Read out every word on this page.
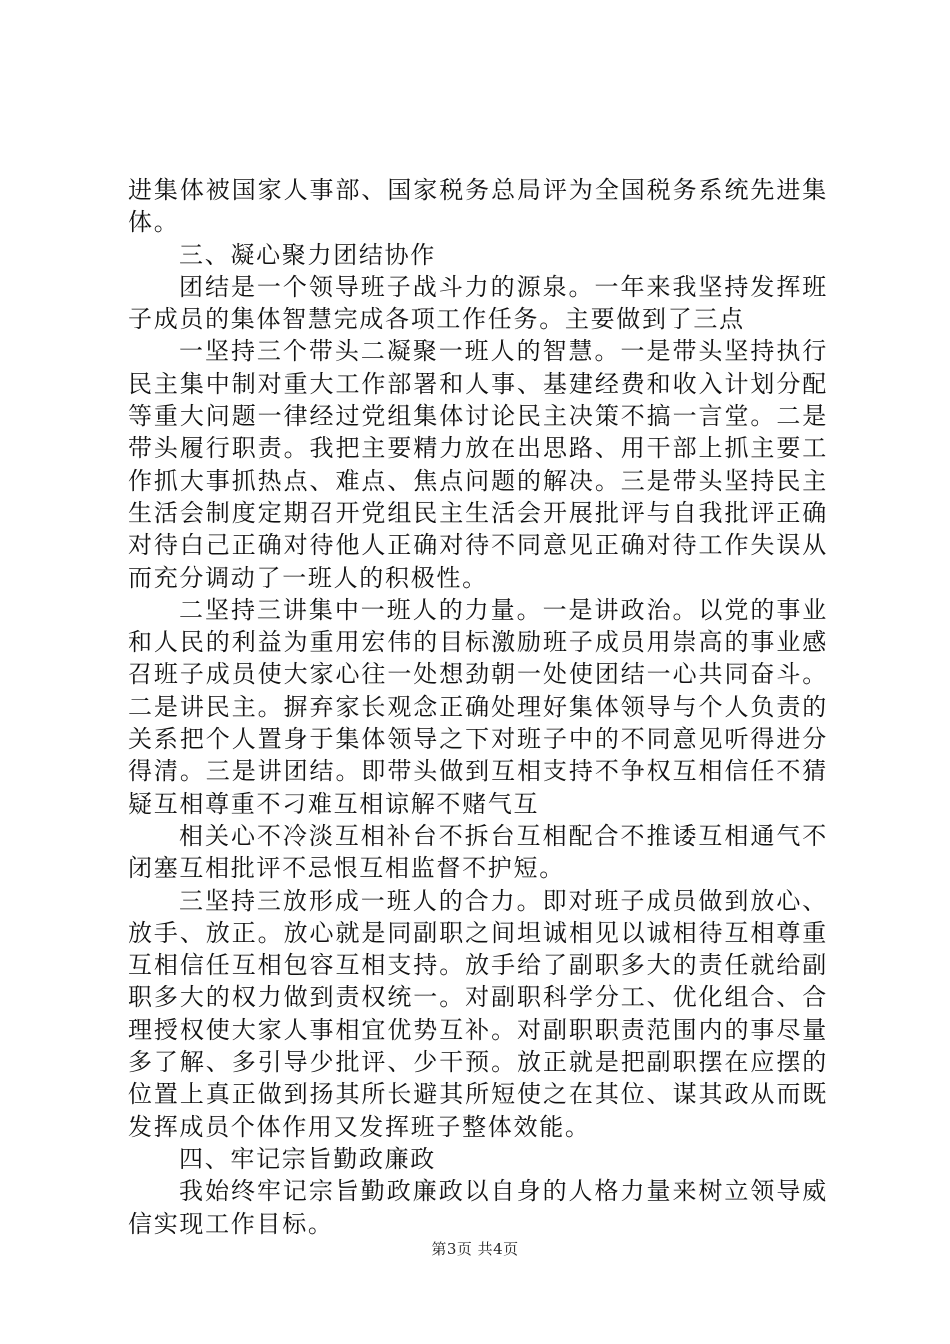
进集体被国家人事部、国家税务总局评为全国税务系统先进集体。

三、凝心聚力团结协作

团结是一个领导班子战斗力的源泉。一年来我坚持发挥班子成员的集体智慧完成各项工作任务。主要做到了三点

一坚持三个带头二凝聚一班人的智慧。一是带头坚持执行民主集中制对重大工作部署和人事、基建经费和收入计划分配等重大问题一律经过党组集体讨论民主决策不搞一言堂。二是带头履行职责。我把主要精力放在出思路、用干部上抓主要工作抓大事抓热点、难点、焦点问题的解决。三是带头坚持民主生活会制度定期召开党组民主生活会开展批评与自我批评正确对待白己正确对待他人正确对待不同意见正确对待工作失误从而充分调动了一班人的积极性。

二坚持三讲集中一班人的力量。一是讲政治。以党的事业和人民的利益为重用宏伟的目标激励班子成员用崇高的事业感召班子成员使大家心往一处想劲朝一处使团结一心共同奋斗。二是讲民主。摒弃家长观念正确处理好集体领导与个人负责的关系把个人置身于集体领导之下对班子中的不同意见听得进分得清。三是讲团结。即带头做到互相支持不争权互相信任不猜疑互相尊重不刁难互相谅解不赌气互

相关心不冷淡互相补台不拆台互相配合不推诿互相通气不闭塞互相批评不忌恨互相监督不护短。

三坚持三放形成一班人的合力。即对班子成员做到放心、放手、放正。放心就是同副职之间坦诚相见以诚相待互相尊重互相信任互相包容互相支持。放手给了副职多大的责任就给副职多大的权力做到责权统一。对副职科学分工、优化组合、合理授权使大家人事相宜优势互补。对副职职责范围内的事尽量多了解、多引导少批评、少干预。放正就是把副职摆在应摆的位置上真正做到扬其所长避其所短使之在其位、谋其政从而既发挥成员个体作用又发挥班子整体效能。

四、牢记宗旨勤政廉政

我始终牢记宗旨勤政廉政以自身的人格力量来树立领导威信实现工作目标。

第3页 共4页
